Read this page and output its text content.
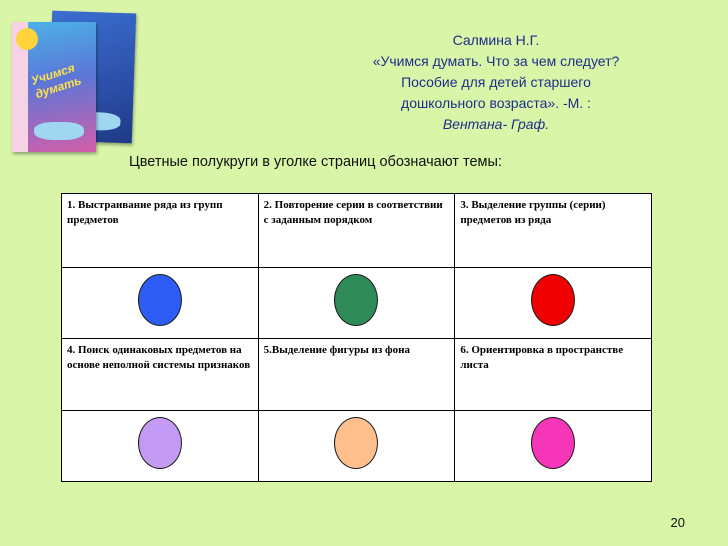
Учимся думать
Салмина Н.Г.
«Учимся думать. Что за чем следует?
Пособие для детей старшего
дошкольного возраста». -М. :
Вентана- Граф.
Цветные полукруги в уголке страниц обозначают темы:
1. Выстраивание ряда из групп предметов	2. Повторение серии в соответствии с заданным порядком	3. Выделение группы (серии) предметов из ряда

4. Поиск одинаковых предметов на основе неполной системы признаков	5.Выделение фигуры из фона	6. Ориентировка в пространстве листа

20
